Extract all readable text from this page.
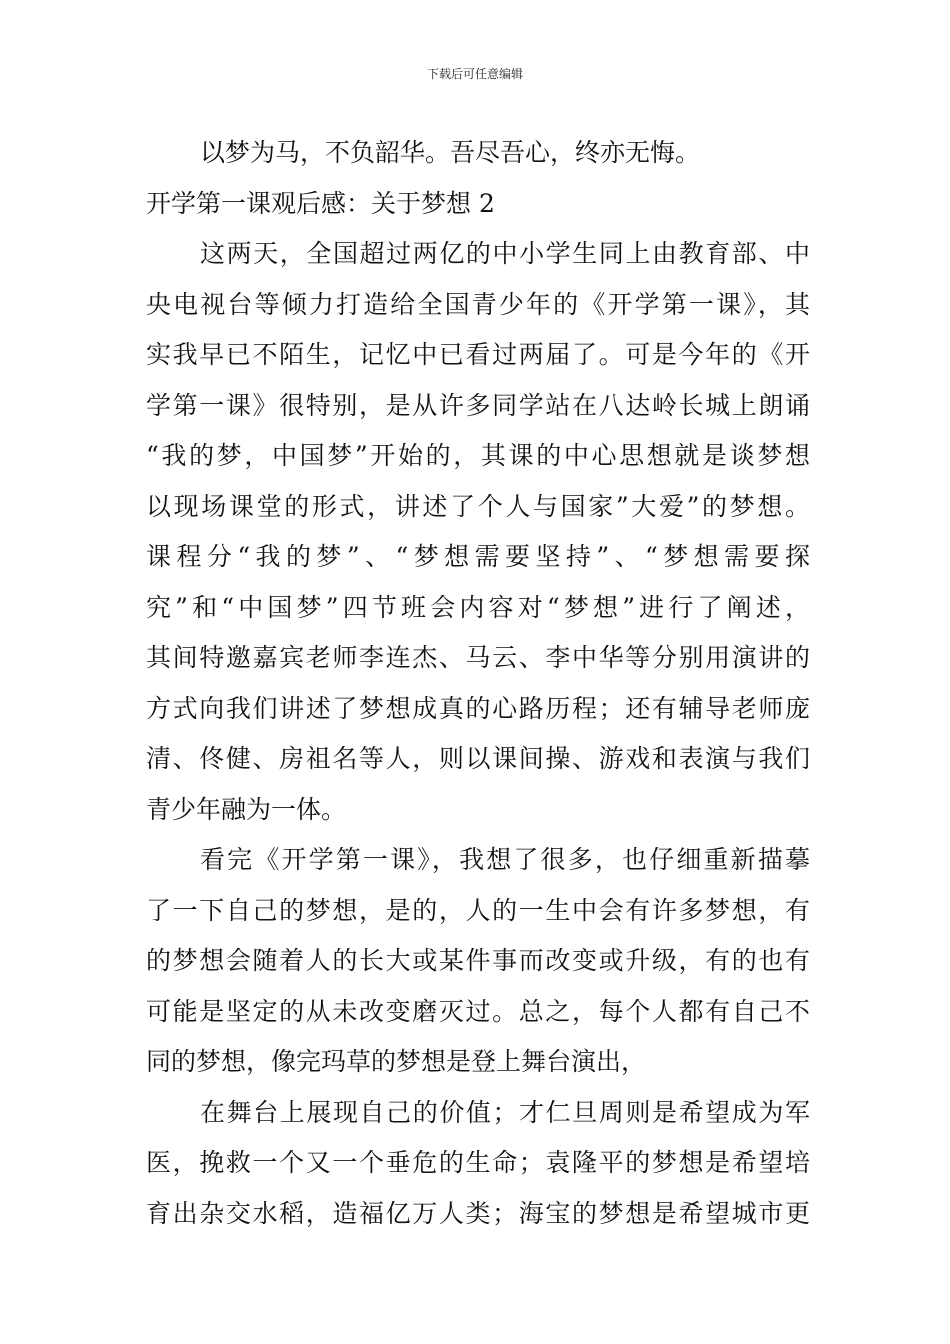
下载后可任意编辑
以梦为马，不负韶华。吾尽吾心，终亦无悔。
开学第一课观后感：关于梦想 2
这两天，全国超过两亿的中小学生同上由教育部、中
央电视台等倾力打造给全国青少年的《开学第一课》，其
实我早已不陌生，记忆中已看过两届了。可是今年的《开
学第一课》很特别，是从许多同学站在八达岭长城上朗诵
“我的梦，中国梦”开始的，其课的中心思想就是谈梦想
以现场课堂的形式，讲述了个人与国家”大爱”的梦想。
课程分“我的梦”、“梦想需要坚持”、“梦想需要探
究”和“中国梦”四节班会内容对“梦想”进行了阐述，
其间特邀嘉宾老师李连杰、马云、李中华等分别用演讲的
方式向我们讲述了梦想成真的心路历程；还有辅导老师庞
清、佟健、房祖名等人，则以课间操、游戏和表演与我们
青少年融为一体。
看完《开学第一课》，我想了很多，也仔细重新描摹
了一下自己的梦想，是的，人的一生中会有许多梦想，有
的梦想会随着人的长大或某件事而改变或升级，有的也有
可能是坚定的从未改变磨灭过。总之，每个人都有自己不
同的梦想，像完玛草的梦想是登上舞台演出，
在舞台上展现自己的价值；才仁旦周则是希望成为军
医，挽救一个又一个垂危的生命；袁隆平的梦想是希望培
育出杂交水稻，造福亿万人类；海宝的梦想是希望城市更
